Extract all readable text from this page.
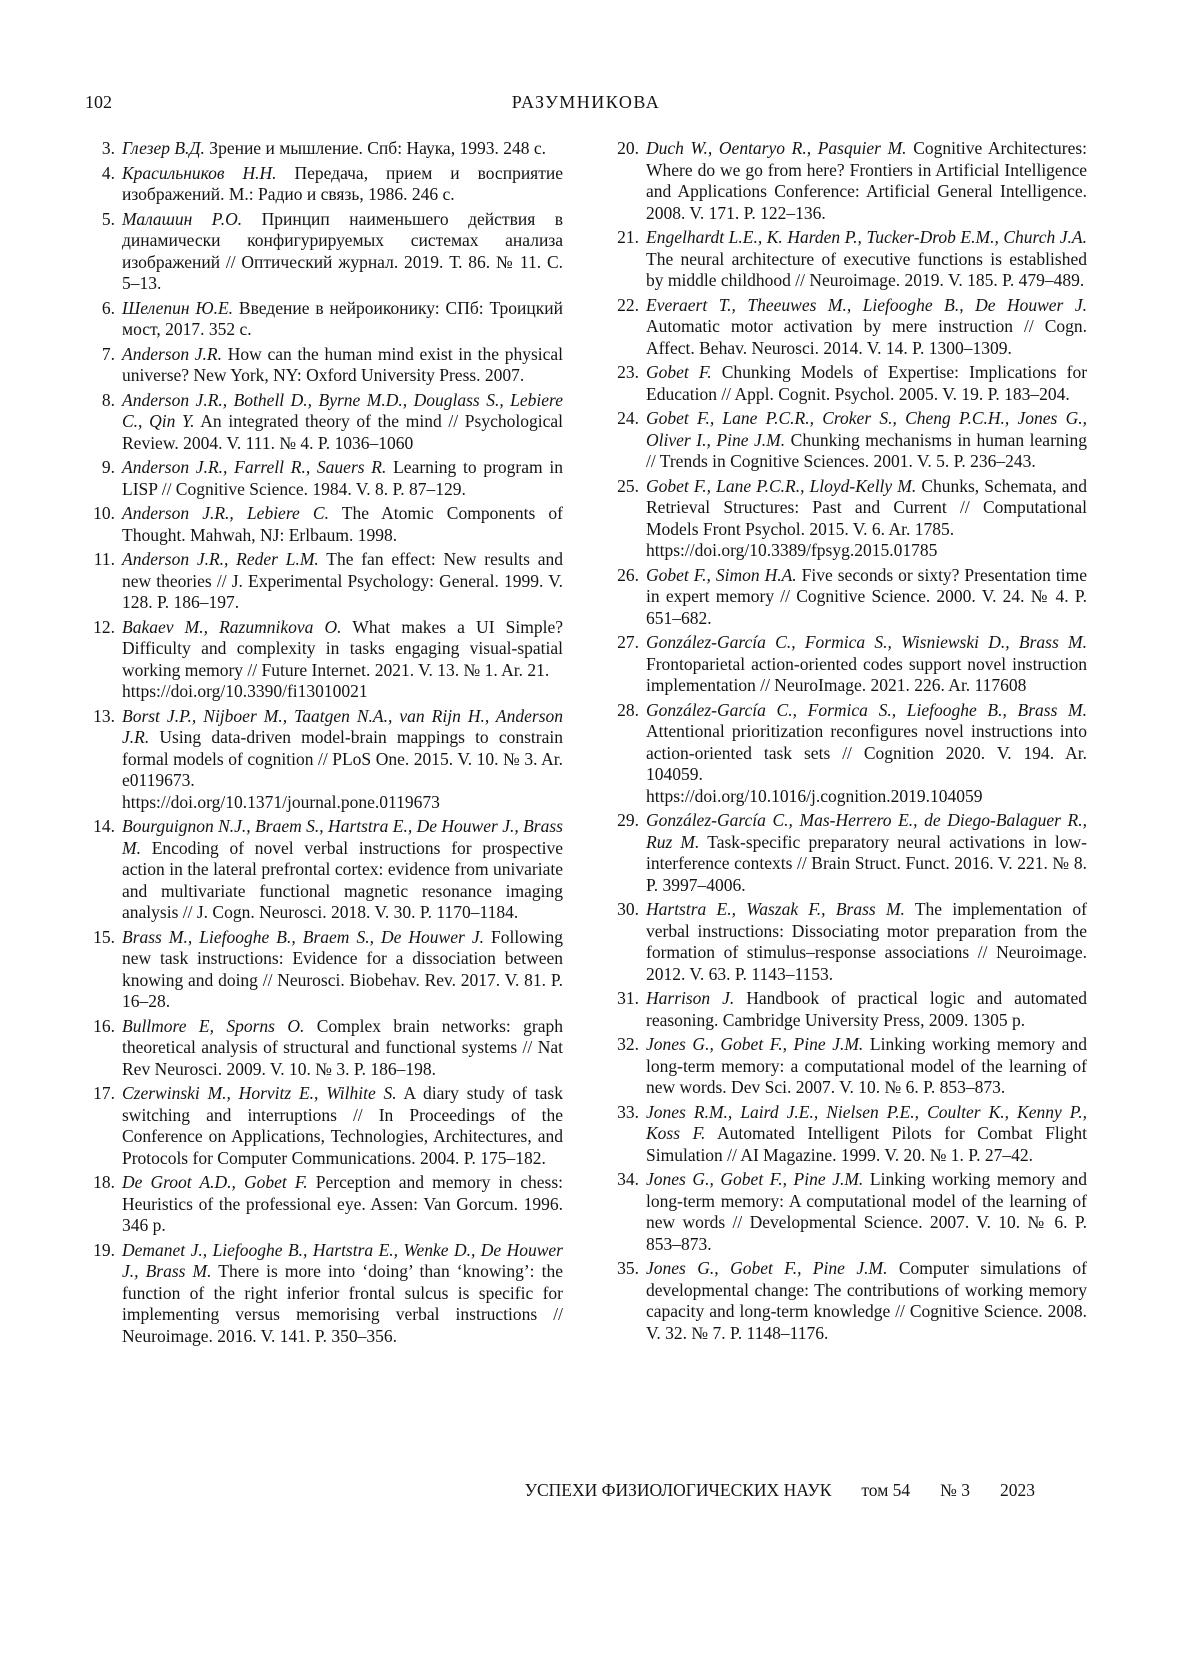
102	РАЗУМНИКОВА
3. Глезер В.Д. Зрение и мышление. Спб: Наука, 1993. 248 с.
4. Красильников Н.Н. Передача, прием и восприятие изображений. М.: Радио и связь, 1986. 246 с.
5. Малашин Р.О. Принцип наименьшего действия в динамически конфигурируемых системах анализа изображений // Оптический журнал. 2019. Т. 86. № 11. С. 5–13.
6. Шелепин Ю.Е. Введение в нейроиконику: СПб: Троицкий мост, 2017. 352 с.
7. Anderson J.R. How can the human mind exist in the physical universe? New York, NY: Oxford University Press. 2007.
8. Anderson J.R., Bothell D., Byrne M.D., Douglass S., Lebiere C., Qin Y. An integrated theory of the mind // Psychological Review. 2004. V. 111. № 4. P. 1036–1060
9. Anderson J.R., Farrell R., Sauers R. Learning to program in LISP // Cognitive Science. 1984. V. 8. P. 87–129.
10. Anderson J.R., Lebiere C. The Atomic Components of Thought. Mahwah, NJ: Erlbaum. 1998.
11. Anderson J.R., Reder L.M. The fan effect: New results and new theories // J. Experimental Psychology: General. 1999. V. 128. P. 186–197.
12. Bakaev M., Razumnikova O. What makes a UI Simple? Difficulty and complexity in tasks engaging visual-spatial working memory // Future Internet. 2021. V. 13. № 1. Ar. 21.
https://doi.org/10.3390/fi13010021
13. Borst J.P., Nijboer M., Taatgen N.A., van Rijn H., Anderson J.R. Using data-driven model-brain mappings to constrain formal models of cognition // PLoS One. 2015. V. 10. № 3. Ar. e0119673.
https://doi.org/10.1371/journal.pone.0119673
14. Bourguignon N.J., Braem S., Hartstra E., De Houwer J., Brass M. Encoding of novel verbal instructions for prospective action in the lateral prefrontal cortex: evidence from univariate and multivariate functional magnetic resonance imaging analysis // J. Cogn. Neurosci. 2018. V. 30. P. 1170–1184.
15. Brass M., Liefooghe B., Braem S., De Houwer J. Following new task instructions: Evidence for a dissociation between knowing and doing // Neurosci. Biobehav. Rev. 2017. V. 81. P. 16–28.
16. Bullmore E, Sporns O. Complex brain networks: graph theoretical analysis of structural and functional systems // Nat Rev Neurosci. 2009. V. 10. № 3. P. 186–198.
17. Czerwinski M., Horvitz E., Wilhite S. A diary study of task switching and interruptions // In Proceedings of the Conference on Applications, Technologies, Architectures, and Protocols for Computer Communications. 2004. P. 175–182.
18. De Groot A.D., Gobet F. Perception and memory in chess: Heuristics of the professional eye. Assen: Van Gorcum. 1996. 346 p.
19. Demanet J., Liefooghe B., Hartstra E., Wenke D., De Houwer J., Brass M. There is more into ‘doing’ than ‘knowing’: the function of the right inferior frontal sulcus is specific for implementing versus memorising verbal instructions // Neuroimage. 2016. V. 141. P. 350–356.
20. Duch W., Oentaryo R., Pasquier M. Cognitive Architectures: Where do we go from here? Frontiers in Artificial Intelligence and Applications Conference: Artificial General Intelligence. 2008. V. 171. P. 122–136.
21. Engelhardt L.E., K. Harden P., Tucker-Drob E.M., Church J.A. The neural architecture of executive functions is established by middle childhood // Neuroimage. 2019. V. 185. P. 479–489.
22. Everaert T., Theeuwes M., Liefooghe B., De Houwer J. Automatic motor activation by mere instruction // Cogn. Affect. Behav. Neurosci. 2014. V. 14. P. 1300–1309.
23. Gobet F. Chunking Models of Expertise: Implications for Education // Appl. Cognit. Psychol. 2005. V. 19. P. 183–204.
24. Gobet F., Lane P.C.R., Croker S., Cheng P.C.H., Jones G., Oliver I., Pine J.M. Chunking mechanisms in human learning // Trends in Cognitive Sciences. 2001. V. 5. P. 236–243.
25. Gobet F., Lane P.C.R., Lloyd-Kelly M. Chunks, Schemata, and Retrieval Structures: Past and Current // Computational Models Front Psychol. 2015. V. 6. Ar. 1785.
https://doi.org/10.3389/fpsyg.2015.01785
26. Gobet F., Simon H.A. Five seconds or sixty? Presentation time in expert memory // Cognitive Science. 2000. V. 24. № 4. P. 651–682.
27. González-García C., Formica S., Wisniewski D., Brass M. Frontoparietal action-oriented codes support novel instruction implementation // NeuroImage. 2021. 226. Ar. 117608
28. González-García C., Formica S., Liefooghe B., Brass M. Attentional prioritization reconfigures novel instructions into action-oriented task sets // Cognition 2020. V. 194. Ar. 104059.
https://doi.org/10.1016/j.cognition.2019.104059
29. González-García C., Mas-Herrero E., de Diego-Balaguer R., Ruz M. Task-specific preparatory neural activations in low-interference contexts // Brain Struct. Funct. 2016. V. 221. № 8. P. 3997–4006.
30. Hartstra E., Waszak F., Brass M. The implementation of verbal instructions: Dissociating motor preparation from the formation of stimulus–response associations // Neuroimage. 2012. V. 63. P. 1143–1153.
31. Harrison J. Handbook of practical logic and automated reasoning. Cambridge University Press, 2009. 1305 p.
32. Jones G., Gobet F., Pine J.M. Linking working memory and long-term memory: a computational model of the learning of new words. Dev Sci. 2007. V. 10. № 6. P. 853–873.
33. Jones R.M., Laird J.E., Nielsen P.E., Coulter K., Kenny P., Koss F. Automated Intelligent Pilots for Combat Flight Simulation // AI Magazine. 1999. V. 20. № 1. P. 27–42.
34. Jones G., Gobet F., Pine J.M. Linking working memory and long-term memory: A computational model of the learning of new words // Developmental Science. 2007. V. 10. № 6. P. 853–873.
35. Jones G., Gobet F., Pine J.M. Computer simulations of developmental change: The contributions of working memory capacity and long-term knowledge // Cognitive Science. 2008. V. 32. № 7. P. 1148–1176.
УСПЕХИ ФИЗИОЛОГИЧЕСКИХ НАУК том 54 № 3 2023
